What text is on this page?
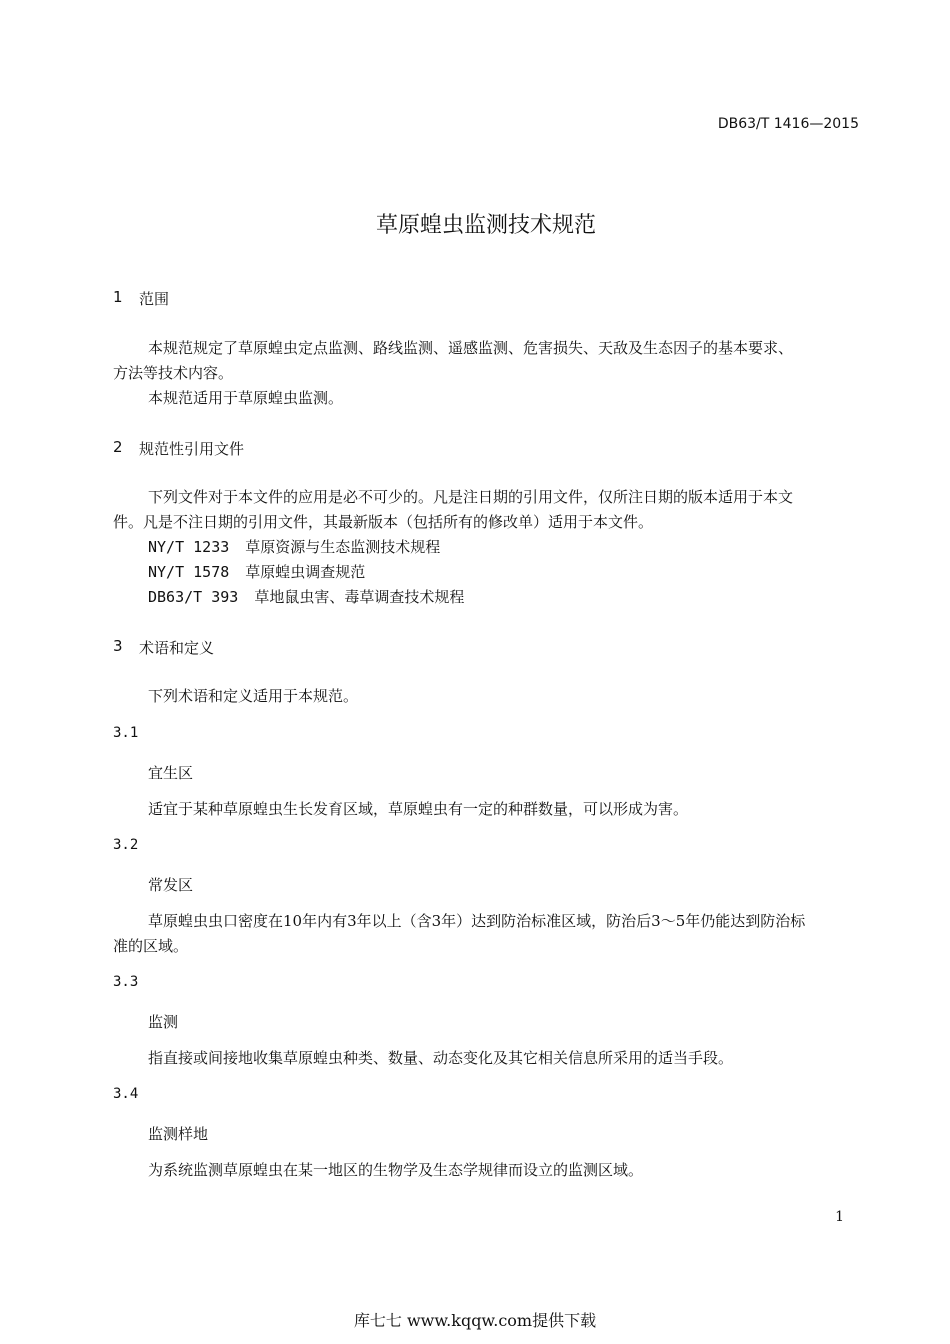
DB63/T 1416—2015
草原蝗虫监测技术规范
1 范围
本规范规定了草原蝗虫定点监测、路线监测、遥感监测、危害损失、天敌及生态因子的基本要求、
方法等技术内容。
本规范适用于草原蝗虫监测。
2 规范性引用文件
下列文件对于本文件的应用是必不可少的。凡是注日期的引用文件，仅所注日期的版本适用于本文
件。凡是不注日期的引用文件，其最新版本（包括所有的修改单）适用于本文件。
NY/T 1233 草原资源与生态监测技术规程
NY/T 1578 草原蝗虫调查规范
DB63/T 393 草地鼠虫害、毒草调查技术规程
3 术语和定义
下列术语和定义适用于本规范。
3.1
宜生区
适宜于某种草原蝗虫生长发育区域，草原蝗虫有一定的种群数量，可以形成为害。
3.2
常发区
草原蝗虫虫口密度在10年内有3年以上（含3年）达到防治标准区域，防治后3～5年仍能达到防治标
准的区域。
3.3
监测
指直接或间接地收集草原蝗虫种类、数量、动态变化及其它相关信息所采用的适当手段。
3.4
监测样地
为系统监测草原蝗虫在某一地区的生物学及生态学规律而设立的监测区域。
1
库七七 www.kqqw.com提供下载
